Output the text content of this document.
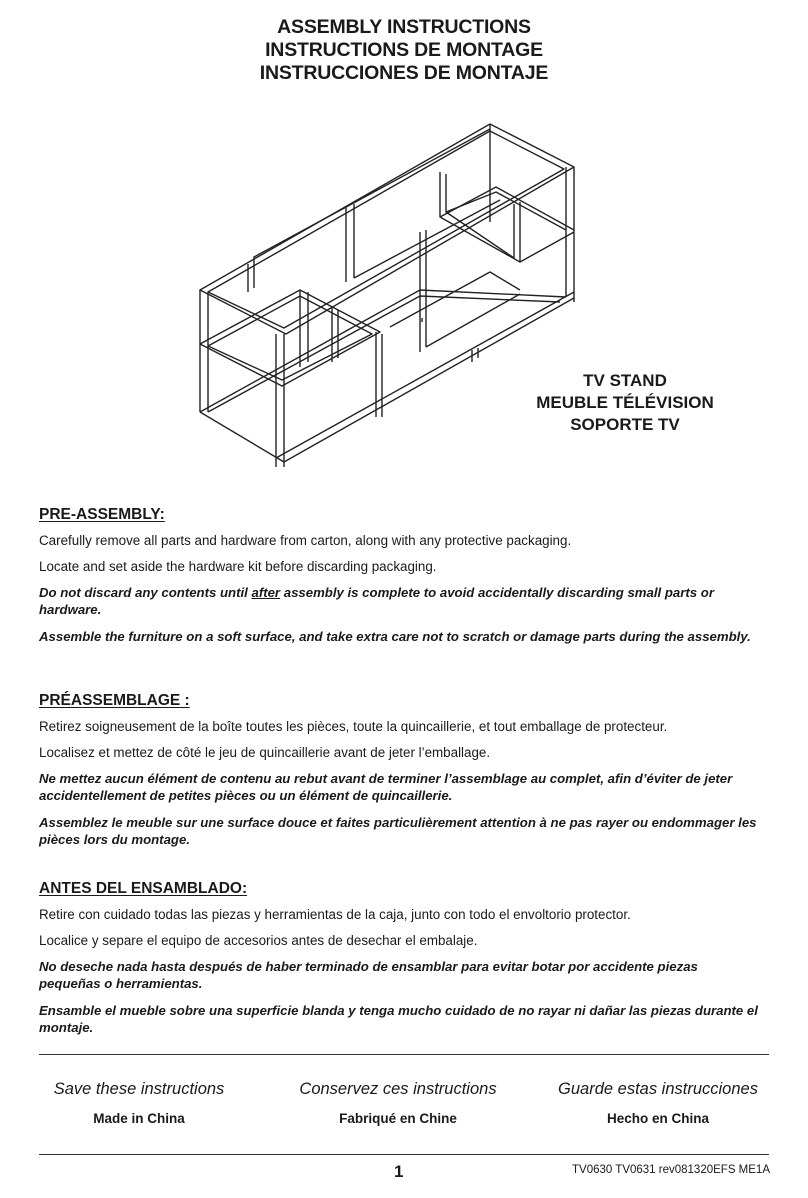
ASSEMBLY INSTRUCTIONS
INSTRUCTIONS DE MONTAGE
INSTRUCCIONES DE MONTAJE
TV STAND
MEUBLE TÉLÉVISION
SOPORTE TV
PRE-ASSEMBLY:

Carefully remove all parts and hardware from carton, along with any protective packaging.

Locate and set aside the hardware kit before discarding packaging.

Do not discard any contents until after assembly is complete to avoid accidentally discarding small parts or hardware.

Assemble the furniture on a soft surface, and take extra care not to scratch or damage parts during the assembly.

PRÉASSEMBLAGE :

Retirez soigneusement de la boîte toutes les pièces, toute la quincaillerie, et tout emballage de protecteur.

Localisez et mettez de côté le jeu de quincaillerie avant de jeter l’emballage.

Ne mettez aucun élément de contenu au rebut avant de terminer l’assemblage au complet, afin d’éviter de jeter accidentellement de petites pièces ou un élément de quincaillerie.

Assemblez le meuble sur une surface douce et faites particulièrement attention à ne pas rayer ou endommager les pièces lors du montage.

ANTES DEL ENSAMBLADO:

Retire con cuidado todas las piezas y herramientas de la caja, junto con todo el envoltorio protector.

Localice y separe el equipo de accesorios antes de desechar el embalaje.

No deseche nada hasta después de haber terminado de ensamblar para evitar botar por accidente piezas pequeñas o herramientas.

Ensamble el mueble sobre una superficie blanda y tenga mucho cuidado de no rayar ni dañar las piezas durante el montaje.

Save these instructions
Made in China
Conservez ces instructions
Fabriqué en Chine
Guarde estas instrucciones
Hecho en China
1	TV0630 TV0631 rev081320EFS ME1A
